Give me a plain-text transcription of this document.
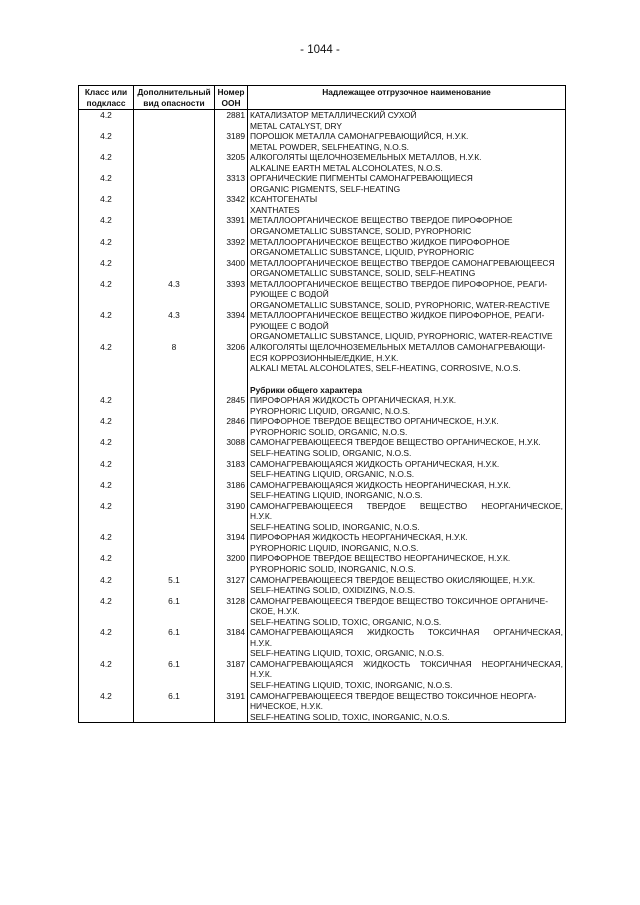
- 1044 -
Класс или подкласс	Дополнительный вид опасности	Номер ООН	Надлежащее отгрузочное наименование
4.2		2881	КАТАЛИЗАТОР МЕТАЛЛИЧЕСКИЙ СУХОЙ
METAL CATALYST, DRY

4.2		3189	ПОРОШОК МЕТАЛЛА САМОНАГРЕВАЮЩИЙСЯ, Н.У.К.
METAL POWDER, SELFHEATING, N.O.S.

4.2		3205	АЛКОГОЛЯТЫ ЩЕЛОЧНОЗЕМЕЛЬНЫХ МЕТАЛЛОВ, Н.У.К.
ALKALINE EARTH METAL ALCOHOLATES, N.O.S.

4.2		3313	ОРГАНИЧЕСКИЕ ПИГМЕНТЫ САМОНАГРЕВАЮЩИЕСЯ
ORGANIC PIGMENTS, SELF-HEATING

4.2		3342	КСАНТОГЕНАТЫ
XANTHATES

4.2		3391	МЕТАЛЛООРГАНИЧЕСКОЕ ВЕЩЕСТВО ТВЕРДОЕ ПИРОФОРНОЕ
ORGANOMETALLIC SUBSTANCE, SOLID, PYROPHORIC

4.2		3392	МЕТАЛЛООРГАНИЧЕСКОЕ ВЕЩЕСТВО ЖИДКОЕ ПИРОФОРНОЕ
ORGANOMETALLIC SUBSTANCE, LIQUID, PYROPHORIC

4.2		3400	МЕТАЛЛООРГАНИЧЕСКОЕ ВЕЩЕСТВО ТВЕРДОЕ САМОНАГРЕВАЮЩЕЕСЯ
ORGANOMETALLIC SUBSTANCE, SOLID, SELF-HEATING

4.2	4.3	3393	МЕТАЛЛООРГАНИЧЕСКОЕ ВЕЩЕСТВО ТВЕРДОЕ ПИРОФОРНОЕ, РЕАГИ-
РУЮЩЕЕ С ВОДОЙ
ORGANOMETALLIC SUBSTANCE, SOLID, PYROPHORIC, WATER-REACTIVE

4.2	4.3	3394	МЕТАЛЛООРГАНИЧЕСКОЕ ВЕЩЕСТВО ЖИДКОЕ ПИРОФОРНОЕ, РЕАГИ-
РУЮЩЕЕ С ВОДОЙ
ORGANOMETALLIC SUBSTANCE, LIQUID, PYROPHORIC, WATER-REACTIVE

4.2	8	3206	АЛКОГОЛЯТЫ ЩЕЛОЧНОЗЕМЕЛЬНЫХ МЕТАЛЛОВ САМОНАГРЕВАЮЩИ-
ЕСЯ КОРРОЗИОННЫЕ/ЕДКИЕ, Н.У.К.
ALKALI METAL ALCOHOLATES, SELF-HEATING, CORROSIVE, N.O.S.

			Рубрики общего характера

4.2		2845	ПИРОФОРНАЯ ЖИДКОСТЬ ОРГАНИЧЕСКАЯ, Н.У.К.
PYROPHORIC LIQUID, ORGANIC, N.O.S.

4.2		2846	ПИРОФОРНОЕ ТВЕРДОЕ ВЕЩЕСТВО ОРГАНИЧЕСКОЕ, Н.У.К.
PYROPHORIC SOLID, ORGANIC, N.O.S.

4.2		3088	САМОНАГРЕВАЮЩЕЕСЯ ТВЕРДОЕ ВЕЩЕСТВО ОРГАНИЧЕСКОЕ, Н.У.К.
SELF-HEATING SOLID, ORGANIC, N.O.S.

4.2		3183	САМОНАГРЕВАЮЩАЯСЯ ЖИДКОСТЬ ОРГАНИЧЕСКАЯ, Н.У.К.
SELF-HEATING LIQUID, ORGANIC, N.O.S.

4.2		3186	САМОНАГРЕВАЮЩАЯСЯ ЖИДКОСТЬ НЕОРГАНИЧЕСКАЯ, Н.У.К.
SELF-HEATING LIQUID, INORGANIC, N.O.S.

4.2		3190	САМОНАГРЕВАЮЩЕЕСЯ ТВЕРДОЕ ВЕЩЕСТВО НЕОРГАНИЧЕСКОЕ,
Н.У.К.
SELF-HEATING SOLID, INORGANIC, N.O.S.

4.2		3194	ПИРОФОРНАЯ ЖИДКОСТЬ НЕОРГАНИЧЕСКАЯ, Н.У.К.
PYROPHORIC LIQUID, INORGANIC, N.O.S.

4.2		3200	ПИРОФОРНОЕ ТВЕРДОЕ ВЕЩЕСТВО НЕОРГАНИЧЕСКОЕ, Н.У.К.
PYROPHORIC SOLID, INORGANIC, N.O.S.

4.2	5.1	3127	САМОНАГРЕВАЮЩЕЕСЯ ТВЕРДОЕ ВЕЩЕСТВО ОКИСЛЯЮЩЕЕ, Н.У.К.
SELF-HEATING SOLID, OXIDIZING, N.O.S.

4.2	6.1	3128	САМОНАГРЕВАЮЩЕЕСЯ ТВЕРДОЕ ВЕЩЕСТВО ТОКСИЧНОЕ ОРГАНИЧЕ-
СКОЕ, Н.У.К.
SELF-HEATING SOLID, TOXIC, ORGANIC, N.O.S.

4.2	6.1	3184	САМОНАГРЕВАЮЩАЯСЯ ЖИДКОСТЬ ТОКСИЧНАЯ ОРГАНИЧЕСКАЯ,
Н.У.К.
SELF-HEATING LIQUID, TOXIC, ORGANIC, N.O.S.

4.2	6.1	3187	САМОНАГРЕВАЮЩАЯСЯ ЖИДКОСТЬ ТОКСИЧНАЯ НЕОРГАНИЧЕСКАЯ,
Н.У.К.
SELF-HEATING LIQUID, TOXIC, INORGANIC, N.O.S.

4.2	6.1	3191	САМОНАГРЕВАЮЩЕЕСЯ ТВЕРДОЕ ВЕЩЕСТВО ТОКСИЧНОЕ НЕОРГА-
НИЧЕСКОЕ, Н.У.К.
SELF-HEATING SOLID, TOXIC, INORGANIC, N.O.S.
